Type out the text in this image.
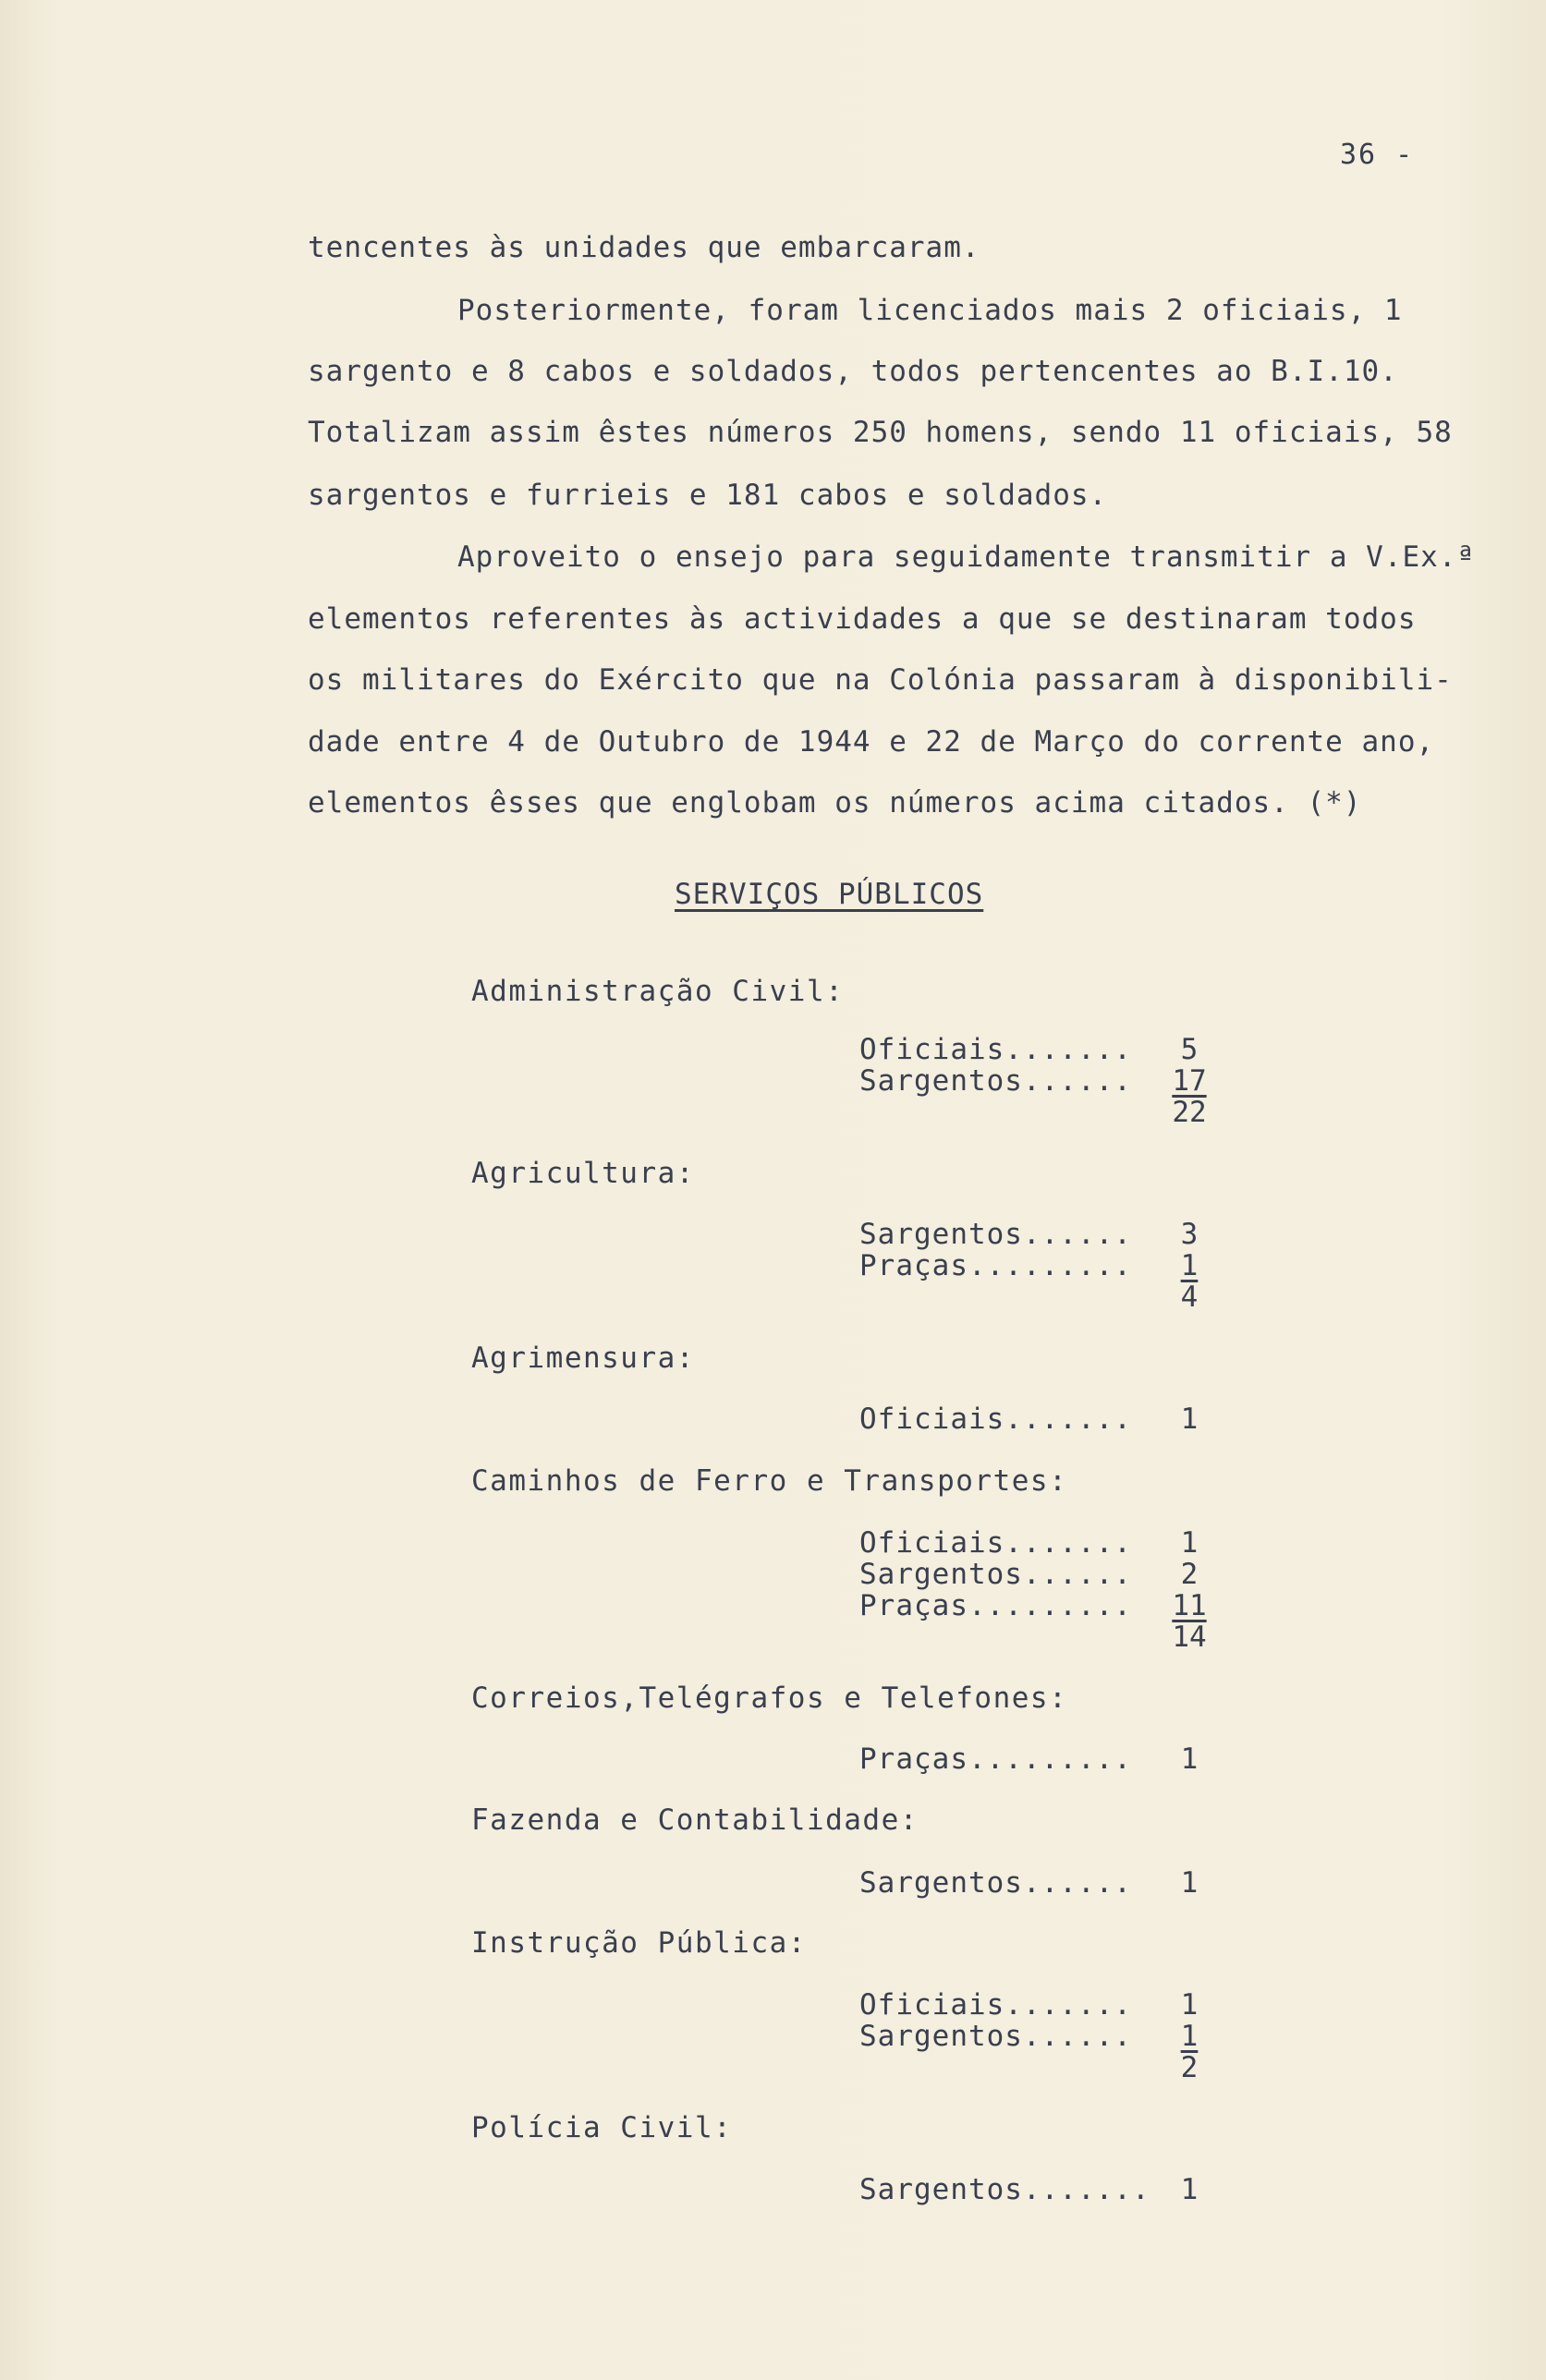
36 -
tencentes às unidades que embarcaram.
Posteriormente, foram licenciados mais 2 oficiais, 1
sargento e 8 cabos e soldados, todos pertencentes ao B.I.10.
Totalizam assim êstes números 250 homens, sendo 11 oficiais, 58
sargentos e furrieis e 181 cabos e soldados.
Aproveito o ensejo para seguidamente transmitir a V.Ex.ª
elementos referentes às actividades a que se destinaram todos
os militares do Exército que na Colónia passaram à disponibili-
dade entre 4 de Outubro de 1944 e 22 de Março do corrente ano,
elementos êsses que englobam os números acima citados. (*)
SERVIÇOS PÚBLICOS
Administração Civil:
Oficiais.......	5
Sargentos...... 17
22
Agricultura:
Sargentos......	3
Praças.........	1
4
Agrimensura:
Oficiais.......	1
Caminhos de Ferro e Transportes:
Oficiais.......	1
Sargentos......	2
Praças......... 11
14
Correios,Telégrafos e Telefones:
Praças.........	1
Fazenda e Contabilidade:
Sargentos......	1
Instrução Pública:
Oficiais.......	1
Sargentos......	1
2
Polícia Civil:
Sargentos.......	1
